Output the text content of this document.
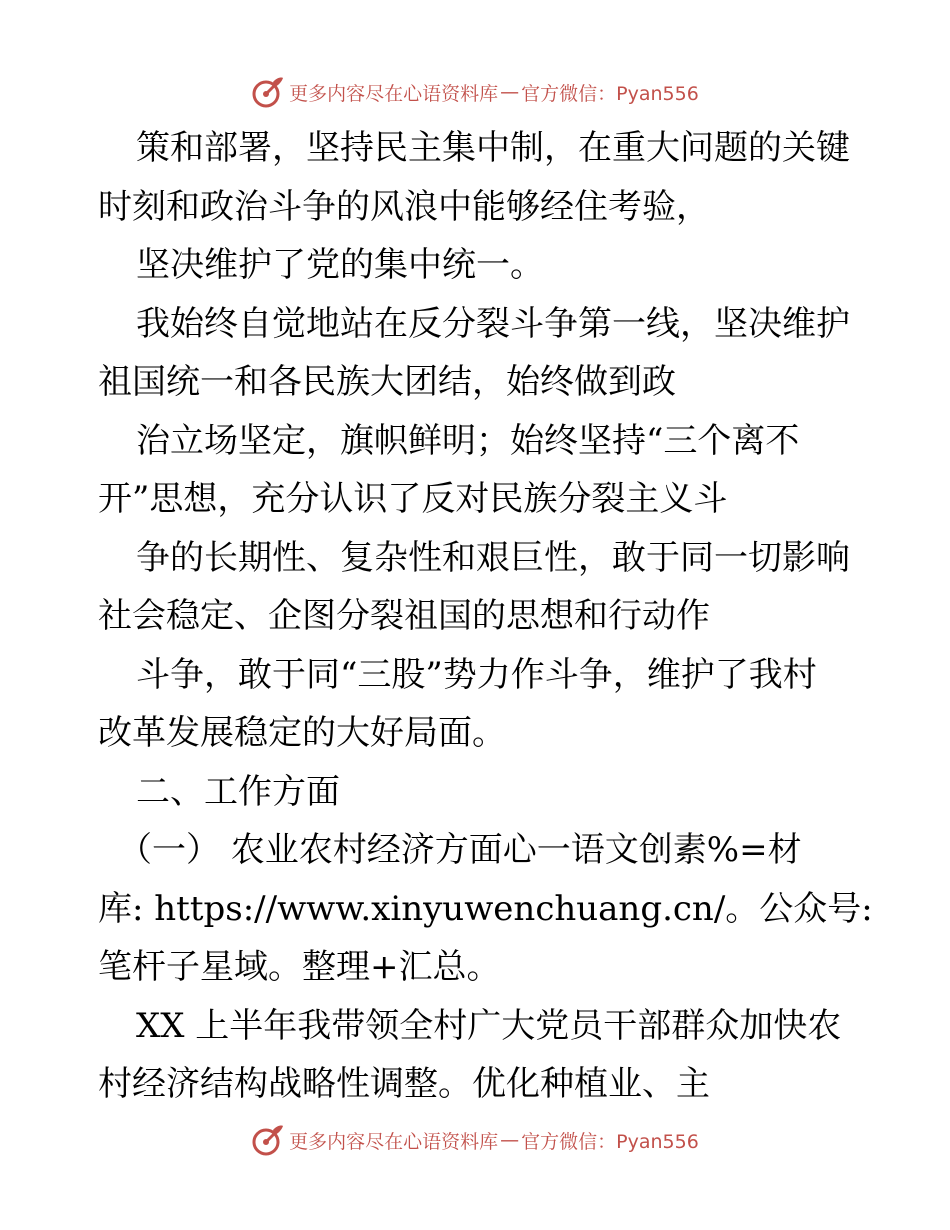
更多内容尽在心语资料库 — 官方微信：Pyan556
策和部署，坚持民主集中制，在重大问题的关键
时刻和政治斗争的风浪中能够经住考验，
坚决维护了党的集中统一。
我始终自觉地站在反分裂斗争第一线，坚决维护
祖国统一和各民族大团结，始终做到政
治立场坚定，旗帜鲜明；始终坚持“三个离不
开”思想，充分认识了反对民族分裂主义斗
争的长期性、复杂性和艰巨性，敢于同一切影响
社会稳定、企图分裂祖国的思想和行动作
斗争，敢于同“三股”势力作斗争，维护了我村
改革发展稳定的大好局面。
二、工作方面
（一） 农业农村经济方面心一语文创素%=材
库: https://www.xinyuwenchuang.cn/。公众号:
笔杆子星域。整理+汇总。
XX 上半年我带领全村广大党员干部群众加快农
村经济结构战略性调整。优化种植业、主
更多内容尽在心语资料库 — 官方微信：Pyan556
